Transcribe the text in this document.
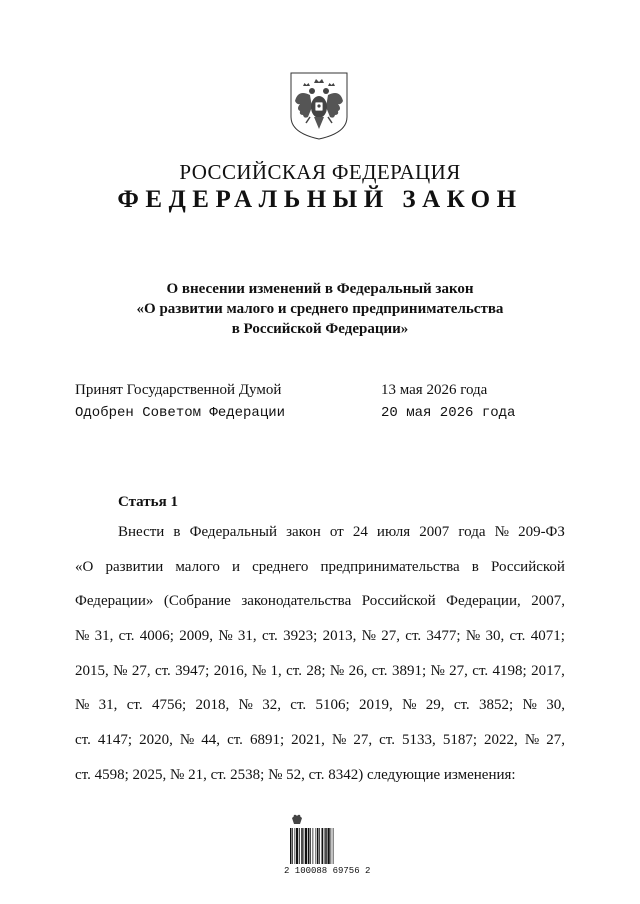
РОССИЙСКАЯ ФЕДЕРАЦИЯ
ФЕДЕРАЛЬНЫЙ ЗАКОН
О внесении изменений в Федеральный закон
«О развитии малого и среднего предпринимательства
в Российской Федерации»
Принят Государственной Думой	13 мая 2026 года
Одобрен Советом Федерации	20 мая 2026 года
Статья 1
Внести в Федеральный закон от 24 июля 2007 года № 209-ФЗ
«О развитии малого и среднего предпринимательства в Российской
Федерации» (Собрание законодательства Российской Федерации, 2007,
№ 31, ст. 4006; 2009, № 31, ст. 3923; 2013, № 27, ст. 3477; № 30, ст. 4071;
2015, № 27, ст. 3947; 2016, № 1, ст. 28; № 26, ст. 3891; № 27, ст. 4198; 2017,
№ 31, ст. 4756; 2018, № 32, ст. 5106; 2019, № 29, ст. 3852; № 30,
ст. 4147; 2020, № 44, ст. 6891; 2021, № 27, ст. 5133, 5187; 2022, № 27,
ст. 4598; 2025, № 21, ст. 2538; № 52, ст. 8342) следующие изменения:
2 100088 69756 2
